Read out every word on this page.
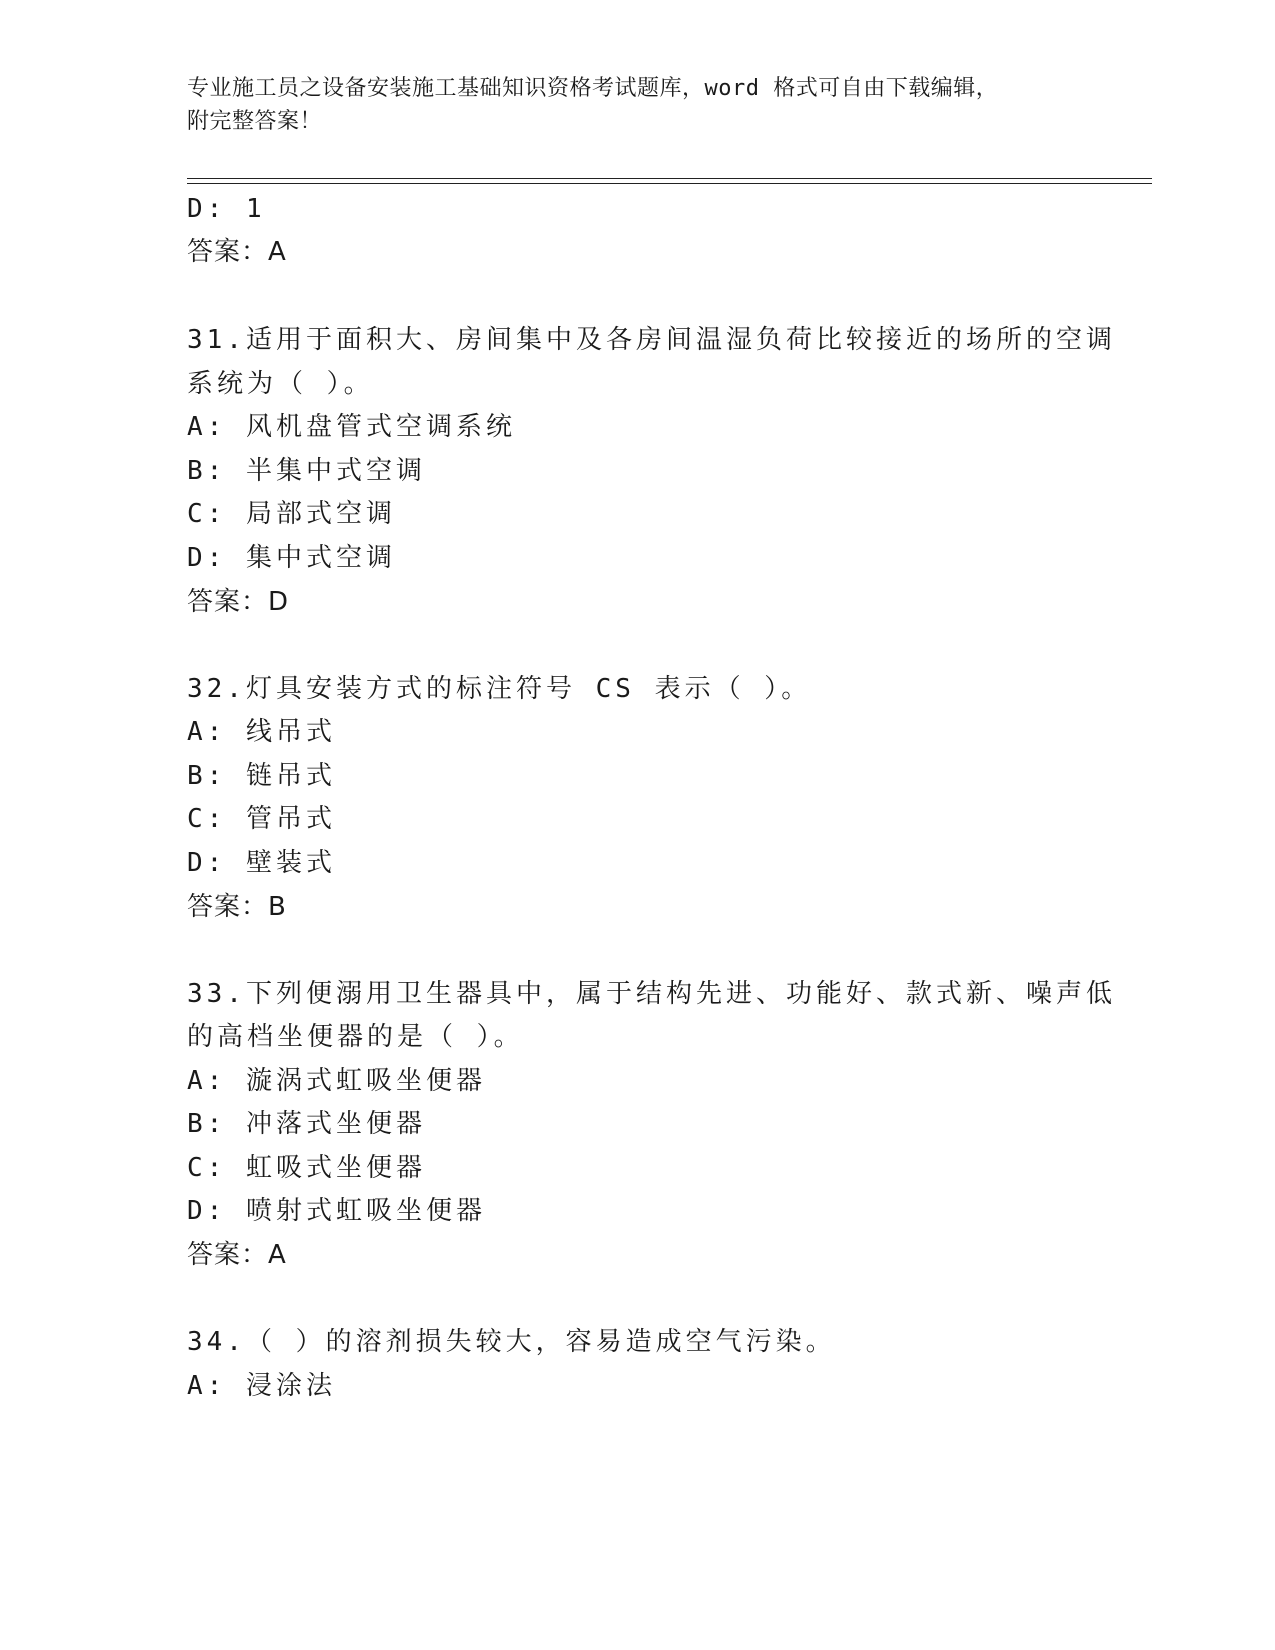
专业施工员之设备安装施工基础知识资格考试题库，word 格式可自由下载编辑，
附完整答案！
D: 1
答案：A
31.适用于面积大、房间集中及各房间温湿负荷比较接近的场所的空调
系统为（ ）。
A: 风机盘管式空调系统
B: 半集中式空调
C: 局部式空调
D: 集中式空调
答案：D
32.灯具安装方式的标注符号 CS 表示（ ）。
A: 线吊式
B: 链吊式
C: 管吊式
D: 壁装式
答案：B
33.下列便溺用卫生器具中，属于结构先进、功能好、款式新、噪声低
的高档坐便器的是（ ）。
A: 漩涡式虹吸坐便器
B: 冲落式坐便器
C: 虹吸式坐便器
D: 喷射式虹吸坐便器
答案：A
34.（ ）的溶剂损失较大，容易造成空气污染。
A: 浸涂法
